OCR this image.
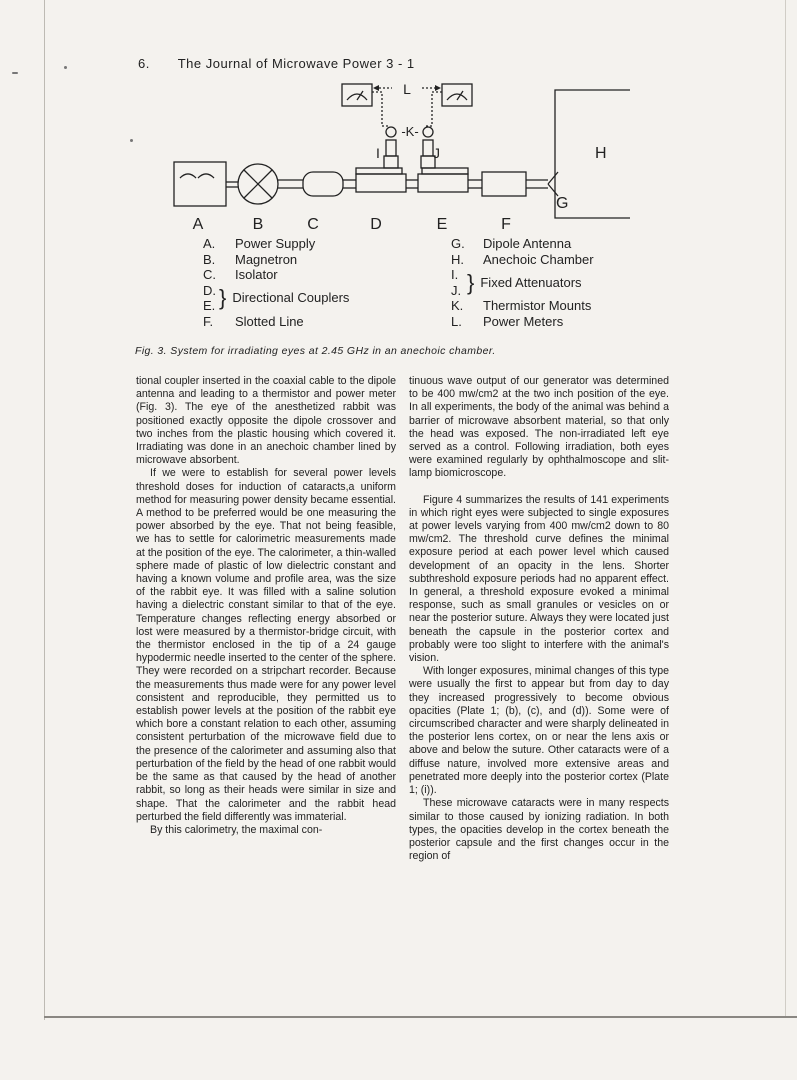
6. The Journal of Microwave Power 3 - 1
L
-K-
I	J	H
G
A	B	C	D	E	F
A.	Power Supply
B.	Magnetron
C.	Isolator
D.
E. } Directional Couplers
F.	Slotted Line
G.	Dipole Antenna
H.	Anechoic Chamber
I.
J. } Fixed Attenuators
K.	Thermistor Mounts
L.	Power Meters
Fig. 3. System for irradiating eyes at 2.45 GHz in an anechoic chamber.

tional coupler inserted in the coaxial cable to the dipole antenna and leading to a thermistor and power meter (Fig. 3). The eye of the anesthetized rabbit was positioned exactly opposite the dipole crossover and two inches from the plastic housing which covered it. Irradiating was done in an anechoic chamber lined by microwave absorbent.

If we were to establish for several power levels threshold doses for induction of cataracts,a uniform method for measuring power density became essential. A method to be preferred would be one measuring the power absorbed by the eye. That not being feasible, we has to settle for calorimetric measurements made at the position of the eye. The calorimeter, a thin-walled sphere made of plastic of low dielectric constant and having a known volume and profile area, was the size of the rabbit eye. It was filled with a saline solution having a dielectric constant similar to that of the eye. Temperature changes reflecting energy absorbed or lost were measured by a thermistor-bridge circuit, with the thermistor enclosed in the tip of a 24 gauge hypodermic needle inserted to the center of the sphere. They were recorded on a stripchart recorder. Because the measurements thus made were for any power level consistent and reproducible, they permitted us to establish power levels at the position of the rabbit eye which bore a constant relation to each other, assuming consistent perturbation of the microwave field due to the presence of the calorimeter and assuming also that perturbation of the field by the head of one rabbit would be the same as that caused by the head of another rabbit, so long as their heads were similar in size and shape. That the calorimeter and the rabbit head perturbed the field differently was immaterial.

By this calorimetry, the maximal con-

tinuous wave output of our generator was determined to be 400 mw/cm2 at the two inch position of the eye. In all experiments, the body of the animal was behind a barrier of microwave absorbent material, so that only the head was exposed. The non-irradiated left eye served as a control. Following irradiation, both eyes were examined regularly by ophthalmoscope and slit-lamp biomicroscope.

Figure 4 summarizes the results of 141 experiments in which right eyes were subjected to single exposures at power levels varying from 400 mw/cm2 down to 80 mw/cm2. The threshold curve defines the minimal exposure period at each power level which caused development of an opacity in the lens. Shorter subthreshold exposure periods had no apparent effect. In general, a threshold exposure evoked a minimal response, such as small granules or vesicles on or near the posterior suture. Always they were located just beneath the capsule in the posterior cortex and probably were too slight to interfere with the animal's vision.

With longer exposures, minimal changes of this type were usually the first to appear but from day to day they increased progressively to become obvious opacities (Plate 1; (b), (c), and (d)). Some were of circumscribed character and were sharply delineated in the posterior lens cortex, on or near the lens axis or above and below the suture. Other cataracts were of a diffuse nature, involved more extensive areas and penetrated more deeply into the posterior cortex (Plate 1; (i)).

These microwave cataracts were in many respects similar to those caused by ionizing radiation. In both types, the opacities develop in the cortex beneath the posterior capsule and the first changes occur in the region of
